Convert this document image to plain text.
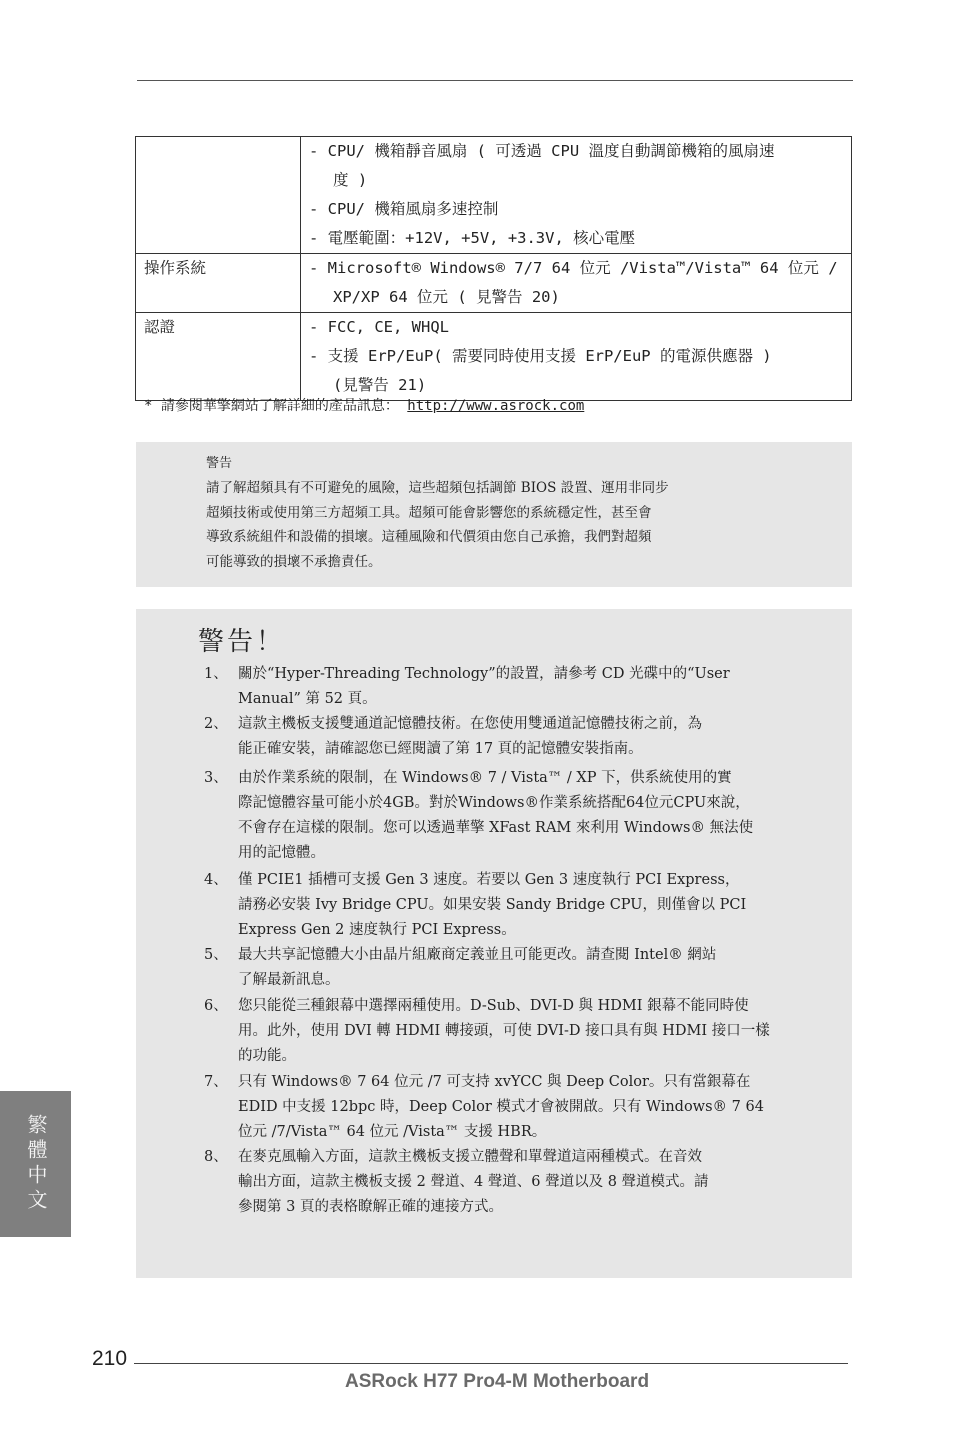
	- CPU/ 機箱靜音風扇 ( 可透過 CPU 溫度自動調節機箱的風扇速
度 )
- CPU/ 機箱風扇多速控制
- 電壓範圍：+12V, +5V, +3.3V, 核心電壓

操作系統	- Microsoft® Windows® 7/7 64 位元 /Vista™/Vista™ 64 位元 /
XP/XP 64 位元 ( 見警告 20)

認證	- FCC, CE, WHQL
- 支援 ErP/EuP( 需要同時使用支援 ErP/EuP 的電源供應器 )
(見警告 21)
* 請參閱華擎網站了解詳細的產品訊息： http://www.asrock.com
警告
請了解超頻具有不可避免的風險，這些超頻包括調節 BIOS 設置、運用非同步
超頻技術或使用第三方超頻工具。超頻可能會影響您的系統穩定性，甚至會
導致系統組件和設備的損壞。這種風險和代價須由您自己承擔，我們對超頻
可能導致的損壞不承擔責任。
警告！
1、 關於“Hyper-Threading Technology”的設置，請參考 CD 光碟中的“User
Manual” 第 52 頁。
2、 這款主機板支援雙通道記憶體技術。在您使用雙通道記憶體技術之前，為
能正確安裝，請確認您已經閱讀了第 17 頁的記憶體安裝指南。
3、 由於作業系統的限制，在 Windows® 7 / Vista™ / XP 下，供系統使用的實
際記憶體容量可能小於4GB。對於Windows®作業系統搭配64位元CPU來說，
不會存在這樣的限制。您可以透過華擎 XFast RAM 來利用 Windows® 無法使
用的記憶體。
4、 僅 PCIE1 插槽可支援 Gen 3 速度。若要以 Gen 3 速度執行 PCI Express，
請務必安裝 Ivy Bridge CPU。如果安裝 Sandy Bridge CPU，則僅會以 PCI
Express Gen 2 速度執行 PCI Express。
5、 最大共享記憶體大小由晶片組廠商定義並且可能更改。請查閱 Intel® 網站
了解最新訊息。
6、 您只能從三種銀幕中選擇兩種使用。D-Sub、DVI-D 與 HDMI 銀幕不能同時使
用。此外，使用 DVI 轉 HDMI 轉接頭，可使 DVI-D 接口具有與 HDMI 接口一樣
的功能。
7、 只有 Windows® 7 64 位元 /7 可支持 xvYCC 與 Deep Color。只有當銀幕在
EDID 中支援 12bpc 時，Deep Color 模式才會被開啟。只有 Windows® 7 64
位元 /7/Vista™ 64 位元 /Vista™ 支援 HBR。
8、 在麥克風輸入方面，這款主機板支援立體聲和單聲道這兩種模式。在音效
輸出方面，這款主機板支援 2 聲道、4 聲道、6 聲道以及 8 聲道模式。請
參閱第 3 頁的表格瞭解正確的連接方式。
繁體中文
210
ASRock H77 Pro4-M Motherboard
